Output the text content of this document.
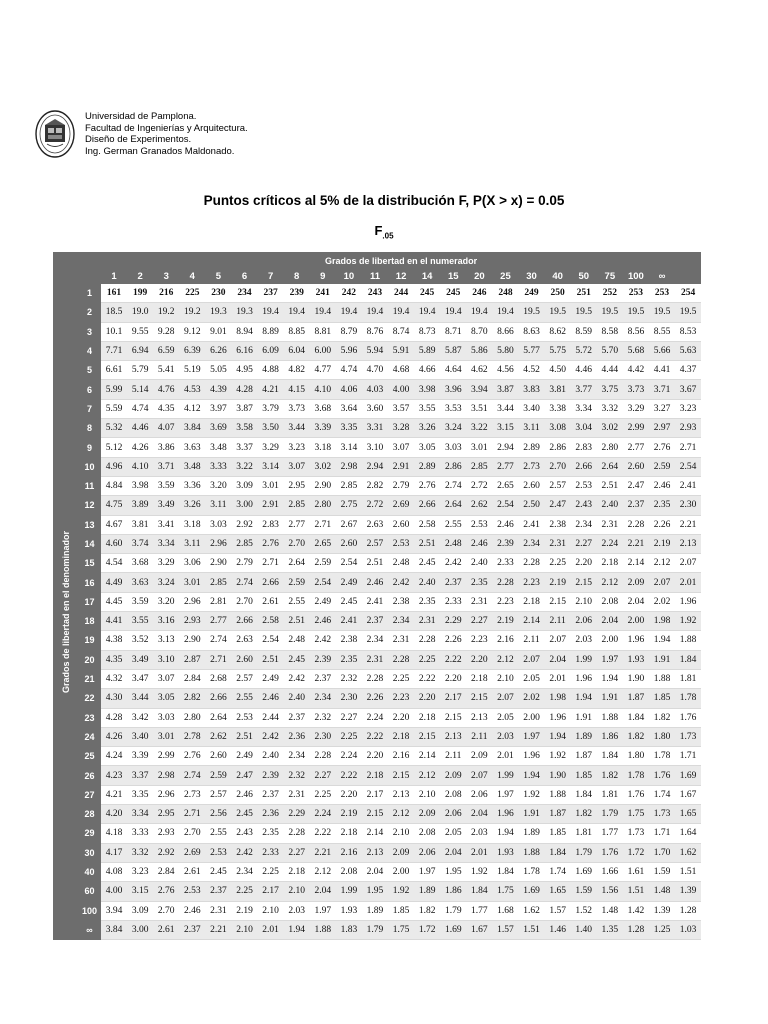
Universidad de Pamplona.
Facultad de Ingenierías y Arquitectura.
Diseño de Experimentos.
Ing. German Granados Maldonado.
Puntos críticos al 5% de la distribución F, P(X > x) = 0.05
$F_{.05}$
		Grados de libertad en el numerador																						
		1	2	3	4	5	6	7	8	9	10	11	12	14	15	20	25	30	40	50	75	100	∞	

Grados de libertad en el denominador	1	161	199	216	225	230	234	237	239	241	242	243	244	245	245	246	248	249	250	251	252	253	253	254
	2	18.5	19.0	19.2	19.2	19.3	19.3	19.4	19.4	19.4	19.4	19.4	19.4	19.4	19.4	19.4	19.4	19.5	19.5	19.5	19.5	19.5	19.5	19.5
	3	10.1	9.55	9.28	9.12	9.01	8.94	8.89	8.85	8.81	8.79	8.76	8.74	8.73	8.71	8.70	8.66	8.63	8.62	8.59	8.58	8.56	8.55	8.53
	4	7.71	6.94	6.59	6.39	6.26	6.16	6.09	6.04	6.00	5.96	5.94	5.91	5.89	5.87	5.86	5.80	5.77	5.75	5.72	5.70	5.68	5.66	5.63
	5	6.61	5.79	5.41	5.19	5.05	4.95	4.88	4.82	4.77	4.74	4.70	4.68	4.66	4.64	4.62	4.56	4.52	4.50	4.46	4.44	4.42	4.41	4.37
	6	5.99	5.14	4.76	4.53	4.39	4.28	4.21	4.15	4.10	4.06	4.03	4.00	3.98	3.96	3.94	3.87	3.83	3.81	3.77	3.75	3.73	3.71	3.67
	7	5.59	4.74	4.35	4.12	3.97	3.87	3.79	3.73	3.68	3.64	3.60	3.57	3.55	3.53	3.51	3.44	3.40	3.38	3.34	3.32	3.29	3.27	3.23
	8	5.32	4.46	4.07	3.84	3.69	3.58	3.50	3.44	3.39	3.35	3.31	3.28	3.26	3.24	3.22	3.15	3.11	3.08	3.04	3.02	2.99	2.97	2.93
	9	5.12	4.26	3.86	3.63	3.48	3.37	3.29	3.23	3.18	3.14	3.10	3.07	3.05	3.03	3.01	2.94	2.89	2.86	2.83	2.80	2.77	2.76	2.71
	10	4.96	4.10	3.71	3.48	3.33	3.22	3.14	3.07	3.02	2.98	2.94	2.91	2.89	2.86	2.85	2.77	2.73	2.70	2.66	2.64	2.60	2.59	2.54
	11	4.84	3.98	3.59	3.36	3.20	3.09	3.01	2.95	2.90	2.85	2.82	2.79	2.76	2.74	2.72	2.65	2.60	2.57	2.53	2.51	2.47	2.46	2.41
	12	4.75	3.89	3.49	3.26	3.11	3.00	2.91	2.85	2.80	2.75	2.72	2.69	2.66	2.64	2.62	2.54	2.50	2.47	2.43	2.40	2.37	2.35	2.30
	13	4.67	3.81	3.41	3.18	3.03	2.92	2.83	2.77	2.71	2.67	2.63	2.60	2.58	2.55	2.53	2.46	2.41	2.38	2.34	2.31	2.28	2.26	2.21
	14	4.60	3.74	3.34	3.11	2.96	2.85	2.76	2.70	2.65	2.60	2.57	2.53	2.51	2.48	2.46	2.39	2.34	2.31	2.27	2.24	2.21	2.19	2.13
	15	4.54	3.68	3.29	3.06	2.90	2.79	2.71	2.64	2.59	2.54	2.51	2.48	2.45	2.42	2.40	2.33	2.28	2.25	2.20	2.18	2.14	2.12	2.07
	16	4.49	3.63	3.24	3.01	2.85	2.74	2.66	2.59	2.54	2.49	2.46	2.42	2.40	2.37	2.35	2.28	2.23	2.19	2.15	2.12	2.09	2.07	2.01
	17	4.45	3.59	3.20	2.96	2.81	2.70	2.61	2.55	2.49	2.45	2.41	2.38	2.35	2.33	2.31	2.23	2.18	2.15	2.10	2.08	2.04	2.02	1.96
	18	4.41	3.55	3.16	2.93	2.77	2.66	2.58	2.51	2.46	2.41	2.37	2.34	2.31	2.29	2.27	2.19	2.14	2.11	2.06	2.04	2.00	1.98	1.92
	19	4.38	3.52	3.13	2.90	2.74	2.63	2.54	2.48	2.42	2.38	2.34	2.31	2.28	2.26	2.23	2.16	2.11	2.07	2.03	2.00	1.96	1.94	1.88
	20	4.35	3.49	3.10	2.87	2.71	2.60	2.51	2.45	2.39	2.35	2.31	2.28	2.25	2.22	2.20	2.12	2.07	2.04	1.99	1.97	1.93	1.91	1.84
	21	4.32	3.47	3.07	2.84	2.68	2.57	2.49	2.42	2.37	2.32	2.28	2.25	2.22	2.20	2.18	2.10	2.05	2.01	1.96	1.94	1.90	1.88	1.81
	22	4.30	3.44	3.05	2.82	2.66	2.55	2.46	2.40	2.34	2.30	2.26	2.23	2.20	2.17	2.15	2.07	2.02	1.98	1.94	1.91	1.87	1.85	1.78
	23	4.28	3.42	3.03	2.80	2.64	2.53	2.44	2.37	2.32	2.27	2.24	2.20	2.18	2.15	2.13	2.05	2.00	1.96	1.91	1.88	1.84	1.82	1.76
	24	4.26	3.40	3.01	2.78	2.62	2.51	2.42	2.36	2.30	2.25	2.22	2.18	2.15	2.13	2.11	2.03	1.97	1.94	1.89	1.86	1.82	1.80	1.73
	25	4.24	3.39	2.99	2.76	2.60	2.49	2.40	2.34	2.28	2.24	2.20	2.16	2.14	2.11	2.09	2.01	1.96	1.92	1.87	1.84	1.80	1.78	1.71
	26	4.23	3.37	2.98	2.74	2.59	2.47	2.39	2.32	2.27	2.22	2.18	2.15	2.12	2.09	2.07	1.99	1.94	1.90	1.85	1.82	1.78	1.76	1.69
	27	4.21	3.35	2.96	2.73	2.57	2.46	2.37	2.31	2.25	2.20	2.17	2.13	2.10	2.08	2.06	1.97	1.92	1.88	1.84	1.81	1.76	1.74	1.67
	28	4.20	3.34	2.95	2.71	2.56	2.45	2.36	2.29	2.24	2.19	2.15	2.12	2.09	2.06	2.04	1.96	1.91	1.87	1.82	1.79	1.75	1.73	1.65
	29	4.18	3.33	2.93	2.70	2.55	2.43	2.35	2.28	2.22	2.18	2.14	2.10	2.08	2.05	2.03	1.94	1.89	1.85	1.81	1.77	1.73	1.71	1.64
	30	4.17	3.32	2.92	2.69	2.53	2.42	2.33	2.27	2.21	2.16	2.13	2.09	2.06	2.04	2.01	1.93	1.88	1.84	1.79	1.76	1.72	1.70	1.62
	40	4.08	3.23	2.84	2.61	2.45	2.34	2.25	2.18	2.12	2.08	2.04	2.00	1.97	1.95	1.92	1.84	1.78	1.74	1.69	1.66	1.61	1.59	1.51
	60	4.00	3.15	2.76	2.53	2.37	2.25	2.17	2.10	2.04	1.99	1.95	1.92	1.89	1.86	1.84	1.75	1.69	1.65	1.59	1.56	1.51	1.48	1.39
	100	3.94	3.09	2.70	2.46	2.31	2.19	2.10	2.03	1.97	1.93	1.89	1.85	1.82	1.79	1.77	1.68	1.62	1.57	1.52	1.48	1.42	1.39	1.28
	∞	3.84	3.00	2.61	2.37	2.21	2.10	2.01	1.94	1.88	1.83	1.79	1.75	1.72	1.69	1.67	1.57	1.51	1.46	1.40	1.35	1.28	1.25	1.03
